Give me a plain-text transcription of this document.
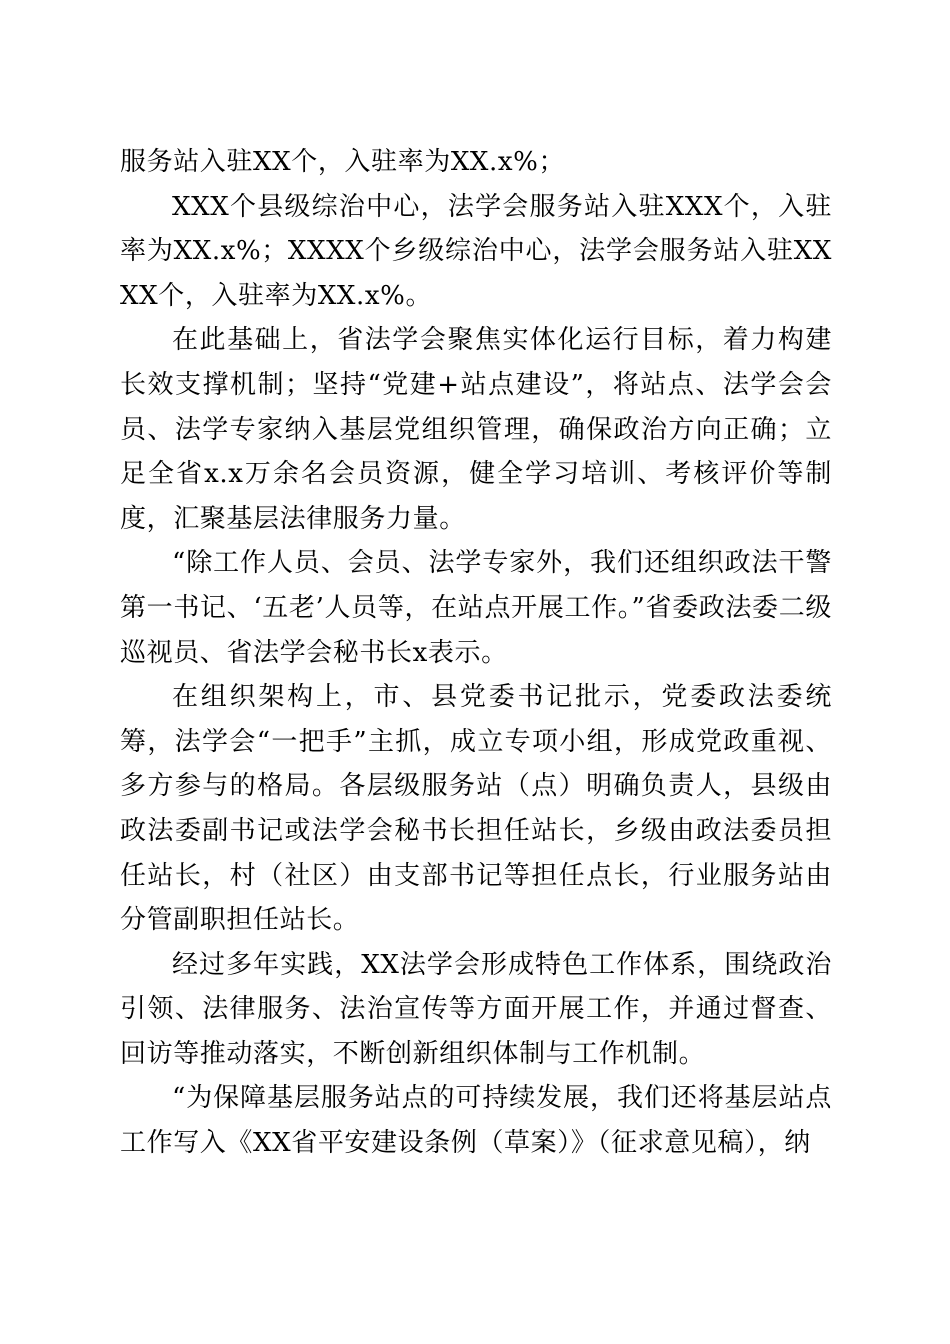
服务站入驻XX个，入驻率为XX.x%；

XXX个县级综治中心，法学会服务站入驻XXX个，入驻率为XX.x%；XXXX个乡级综治中心，法学会服务站入驻XXXX个，入驻率为XX.x%。

在此基础上，省法学会聚焦实体化运行目标，着力构建长效支撑机制；坚持“党建+站点建设”，将站点、法学会会员、法学专家纳入基层党组织管理，确保政治方向正确；立足全省x.x万余名会员资源，健全学习培训、考核评价等制度，汇聚基层法律服务力量。

“除工作人员、会员、法学专家外，我们还组织政法干警第一书记、‘五老’人员等，在站点开展工作。”省委政法委二级巡视员、省法学会秘书长x表示。

在组织架构上，市、县党委书记批示，党委政法委统筹，法学会“一把手”主抓，成立专项小组，形成党政重视、多方参与的格局。各层级服务站（点）明确负责人，县级由政法委副书记或法学会秘书长担任站长，乡级由政法委员担任站长，村（社区）由支部书记等担任点长，行业服务站由分管副职担任站长。

经过多年实践，XX法学会形成特色工作体系，围绕政治引领、法律服务、法治宣传等方面开展工作，并通过督查、回访等推动落实，不断创新组织体制与工作机制。

“为保障基层服务站点的可持续发展，我们还将基层站点工作写入《XX省平安建设条例（草案）》（征求意见稿），纳
